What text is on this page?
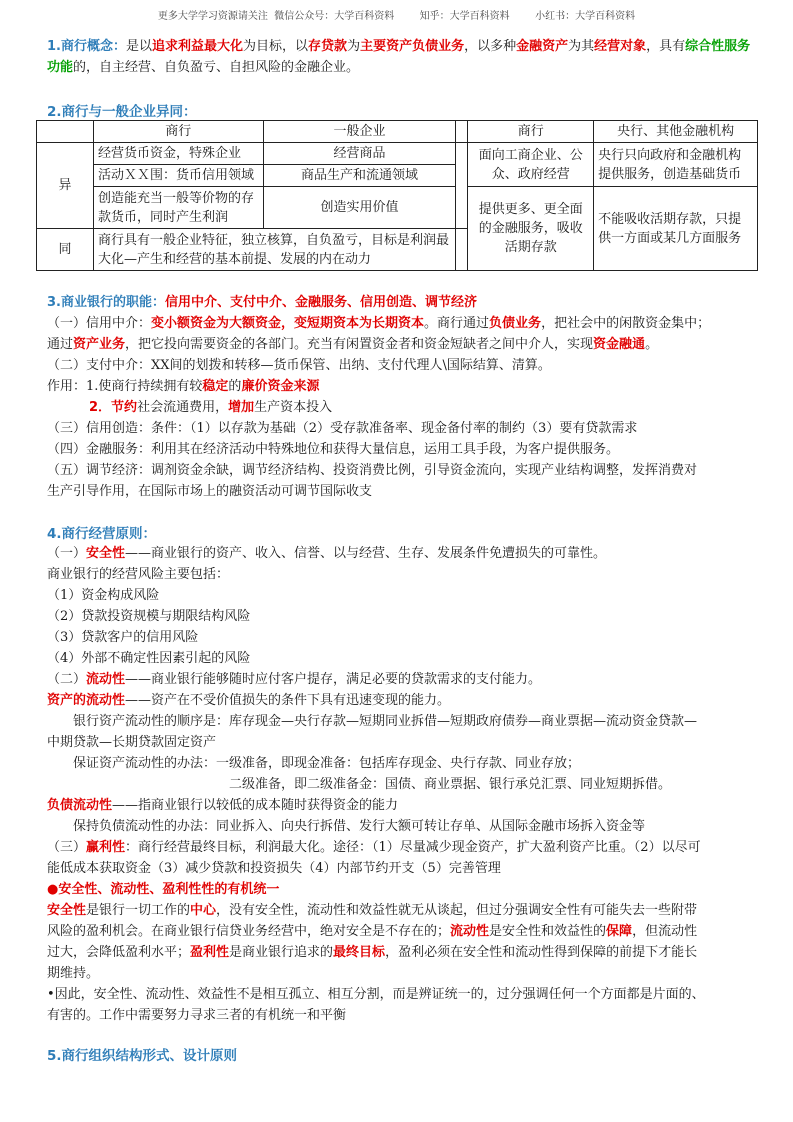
更多大学学习资源请关注  微信公众号：大学百科资料        知乎：大学百科资料        小红书：大学百科资料
1.商行概念：是以追求利益最大化为目标，以存贷款为主要资产负债业务，以多种金融资产为其经营对象，具有综合性服务功能的，自主经营、自负盈亏、自担风险的金融企业。
2.商行与一般企业异同：
	商行	一般企业		商行	央行、其他金融机构
异	经营货币资金，特殊企业	经营商品		面向工商企业、公众、政府经营	央行只向政府和金融机构提供服务，创造基础货币
	活动ＸＸ围：货币信用领域	商品生产和流通领域			
	创造能充当一般等价物的存款货币，同时产生利润	创造实用价值		提供更多、更全面的金融服务，吸收活期存款	不能吸收活期存款，只提供一方面或某几方面服务
同	商行具有一般企业特征，独立核算，自负盈亏，目标是利润最大化—产生和经营的基本前提、发展的内在动力				
3.商业银行的职能：信用中介、支付中介、金融服务、信用创造、调节经济
（一）信用中介：变小额资金为大额资金，变短期资本为长期资本。商行通过负债业务，把社会中的闲散资金集中；
通过资产业务，把它投向需要资金的各部门。充当有闲置资金者和资金短缺者之间中介人，实现资金融通。
（二）支付中介：XX间的划拨和转移—货币保管、出纳、支付代理人\国际结算、清算。
作用：1.使商行持续拥有较稳定的廉价资金来源
2．节约社会流通费用，增加生产资本投入
（三）信用创造：条件：（1）以存款为基础（2）受存款准备率、现金备付率的制约（3）要有贷款需求
（四）金融服务：利用其在经济活动中特殊地位和获得大量信息，运用工具手段，为客户提供服务。
（五）调节经济：调剂资金余缺，调节经济结构、投资消费比例，引导资金流向，实现产业结构调整，发挥消费对
生产引导作用，在国际市场上的融资活动可调节国际收支
4.商行经营原则：
（一）安全性——商业银行的资产、收入、信誉、以与经营、生存、发展条件免遭损失的可靠性。
商业银行的经营风险主要包括：
（1）资金构成风险
（2）贷款投资规模与期限结构风险
（3）贷款客户的信用风险
（4）外部不确定性因素引起的风险
（二）流动性——商业银行能够随时应付客户提存，满足必要的贷款需求的支付能力。
资产的流动性——资产在不受价值损失的条件下具有迅速变现的能力。
银行资产流动性的顺序是：库存现金—央行存款—短期同业拆借—短期政府债券—商业票据—流动资金贷款—
中期贷款—长期贷款固定资产
保证资产流动性的办法：一级准备，即现金准备：包括库存现金、央行存款、同业存放；
二级准备，即二级准备金：国债、商业票据、银行承兑汇票、同业短期拆借。
负债流动性——指商业银行以较低的成本随时获得资金的能力
保持负债流动性的办法：同业拆入、向央行拆借、发行大额可转让存单、从国际金融市场拆入资金等
（三）赢利性：商行经营最终目标，利润最大化。途径：（1）尽量减少现金资产，扩大盈利资产比重。（2）以尽可
能低成本获取资金（3）减少贷款和投资损失（4）内部节约开支（5）完善管理
●安全性、流动性、盈利性性的有机统一
安全性是银行一切工作的中心，没有安全性，流动性和效益性就无从谈起，但过分强调安全性有可能失去一些附带
风险的盈利机会。在商业银行信贷业务经营中，绝对安全是不存在的；流动性是安全性和效益性的保障，但流动性
过大，会降低盈利水平；盈利性是商业银行追求的最终目标，盈利必须在安全性和流动性得到保障的前提下才能长
期维持。
•因此，安全性、流动性、效益性不是相互孤立、相互分割，而是辨证统一的，过分强调任何一个方面都是片面的、
有害的。工作中需要努力寻求三者的有机统一和平衡
5.商行组织结构形式、设计原则
